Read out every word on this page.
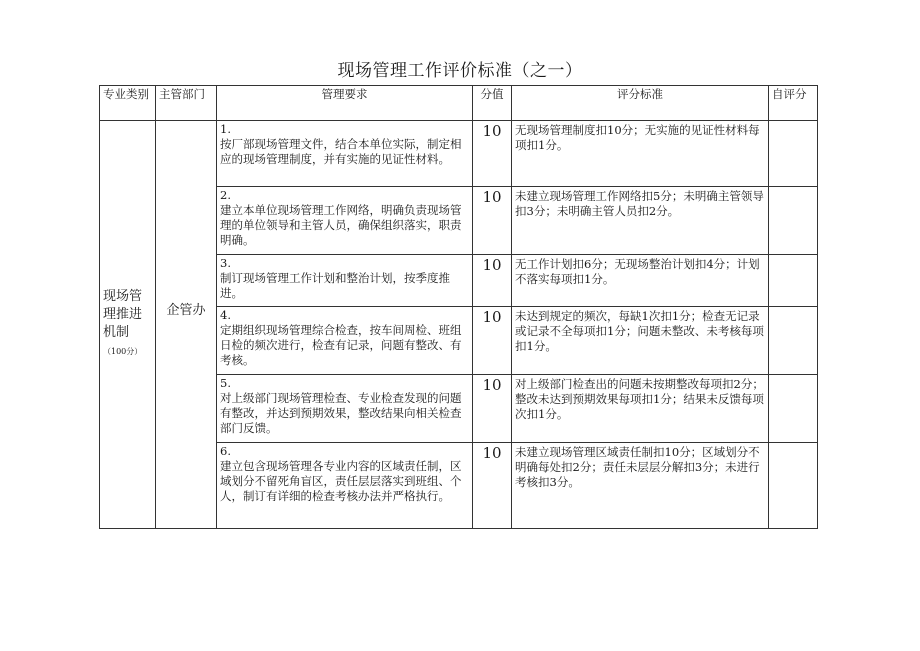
现场管理工作评价标准（之一）
专业类别	主管部门	管理要求	分值	评分标准	自评分
现场管理推进机制（100分）	企管办	1.
按厂部现场管理文件，结合本单位实际，制定相应的现场管理制度，并有实施的见证性材料。	10	无现场管理制度扣10分；无实施的见证性材料每项扣1分。	

		2.
建立本单位现场管理工作网络，明确负责现场管理的单位领导和主管人员，确保组织落实，职责明确。	10	未建立现场管理工作网络扣5分；未明确主管领导扣3分；未明确主管人员扣2分。	

		3.
制订现场管理工作计划和整治计划，按季度推进。	10	无工作计划扣6分；无现场整治计划扣4分；计划不落实每项扣1分。	

		4.
定期组织现场管理综合检查，按车间周检、班组日检的频次进行，检查有记录，问题有整改、有考核。	10	未达到规定的频次，每缺1次扣1分；检查无记录或记录不全每项扣1分；问题未整改、未考核每项扣1分。	

		5.
对上级部门现场管理检查、专业检查发现的问题有整改，并达到预期效果，整改结果向相关检查部门反馈。	10	对上级部门检查出的问题未按期整改每项扣2分；整改未达到预期效果每项扣1分；结果未反馈每项次扣1分。	

		6.
建立包含现场管理各专业内容的区域责任制，区域划分不留死角盲区，责任层层落实到班组、个人，制订有详细的检查考核办法并严格执行。	10	未建立现场管理区域责任制扣10分；区域划分不明确每处扣2分；责任未层层分解扣3分；未进行考核扣3分。	
